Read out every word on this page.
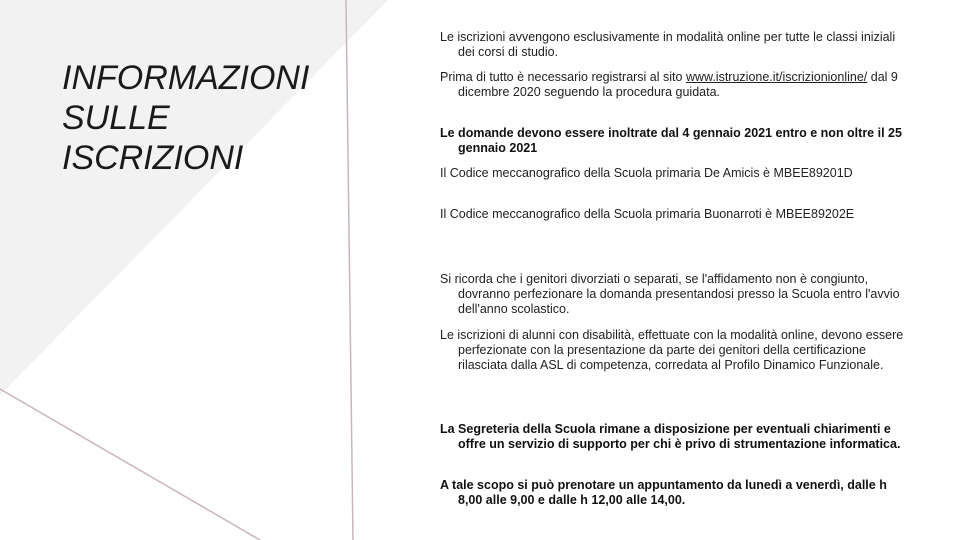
INFORMAZIONI
SULLE
ISCRIZIONI

Le iscrizioni avvengono esclusivamente in modalità online per tutte le classi iniziali dei corsi di studio.

Prima di tutto è necessario registrarsi al sito www.istruzione.it/iscrizionionline/ dal 9 dicembre 2020 seguendo la procedura guidata.

Le domande devono essere inoltrate dal 4 gennaio 2021 entro e non oltre il 25 gennaio 2021

Il Codice meccanografico della Scuola primaria De Amicis è MBEE89201D

Il Codice meccanografico della Scuola primaria Buonarroti è MBEE89202E

Si ricorda che i genitori divorziati o separati, se l'affidamento non è congiunto, dovranno perfezionare la domanda presentandosi presso la Scuola entro l'avvio dell'anno scolastico.

Le iscrizioni di alunni con disabilità, effettuate con la modalità online, devono essere perfezionate con la presentazione da parte dei genitori della certificazione rilasciata dalla ASL di competenza, corredata al Profilo Dinamico Funzionale.

La Segreteria della Scuola rimane a disposizione per eventuali chiarimenti e offre un servizio di supporto per chi è privo di strumentazione informatica.

A tale scopo si può prenotare un appuntamento da lunedì a venerdì, dalle h 8,00 alle 9,00 e dalle h 12,00 alle 14,00.
